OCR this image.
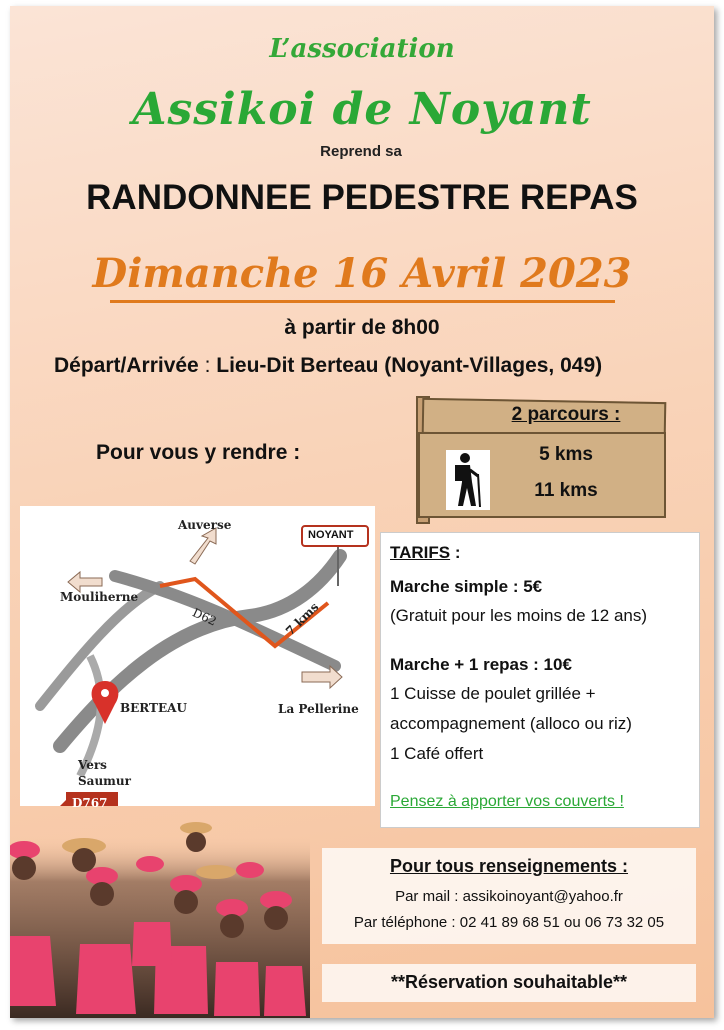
L’association
Assikoi de Noyant
Reprend sa
RANDONNEE PEDESTRE REPAS
Dimanche 16 Avril 2023
à partir de 8h00
Départ/Arrivée : Lieu-Dit Berteau (Noyant-Villages, 049)
Pour vous y rendre :
2 parcours :
5 kms
11 kms
Auverse
NOYANT
Mouliherne
D62	7 kms
BERTEAU	La Pellerine
Vers
Saumur
D767
TARIFS :
Marche simple : 5€
(Gratuit pour les moins de 12 ans)
Marche + 1 repas : 10€
1 Cuisse de poulet grillée +
accompagnement (alloco ou riz)
1 Café offert
Pensez à apporter vos couverts !
Pour tous renseignements :
Par mail : assikoinoyant@yahoo.fr
Par téléphone : 02 41 89 68 51 ou 06 73 32 05
**Réservation souhaitable**
